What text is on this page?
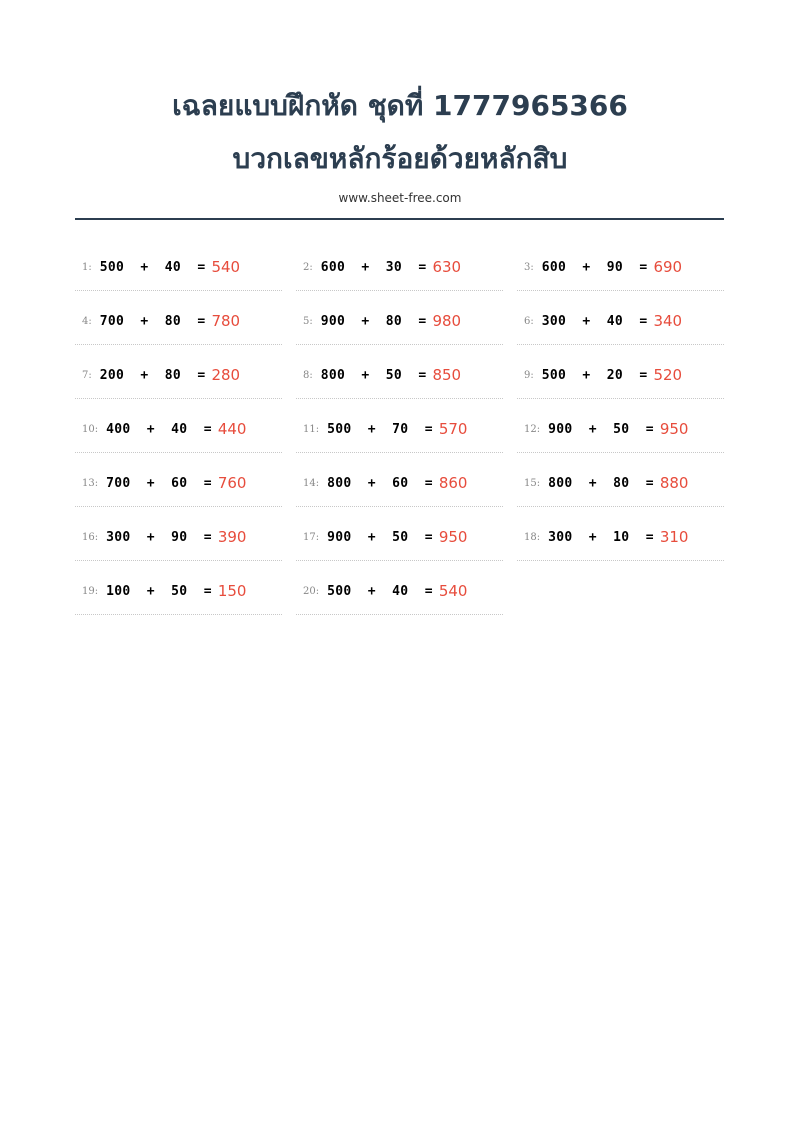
เฉลยแบบฝึกหัด ชุดที่ 1777965366
บวกเลขหลักร้อยด้วยหลักสิบ
www.sheet-free.com
1: 500 + 40 = 540	2: 600 + 30 = 630	3: 600 + 90 = 690
4: 700 + 80 = 780	5: 900 + 80 = 980	6: 300 + 40 = 340
7: 200 + 80 = 280	8: 800 + 50 = 850	9: 500 + 20 = 520
10: 400 + 40 = 440	11: 500 + 70 = 570	12: 900 + 50 = 950
13: 700 + 60 = 760	14: 800 + 60 = 860	15: 800 + 80 = 880
16: 300 + 90 = 390	17: 900 + 50 = 950	18: 300 + 10 = 310
19: 100 + 50 = 150	20: 500 + 40 = 540
